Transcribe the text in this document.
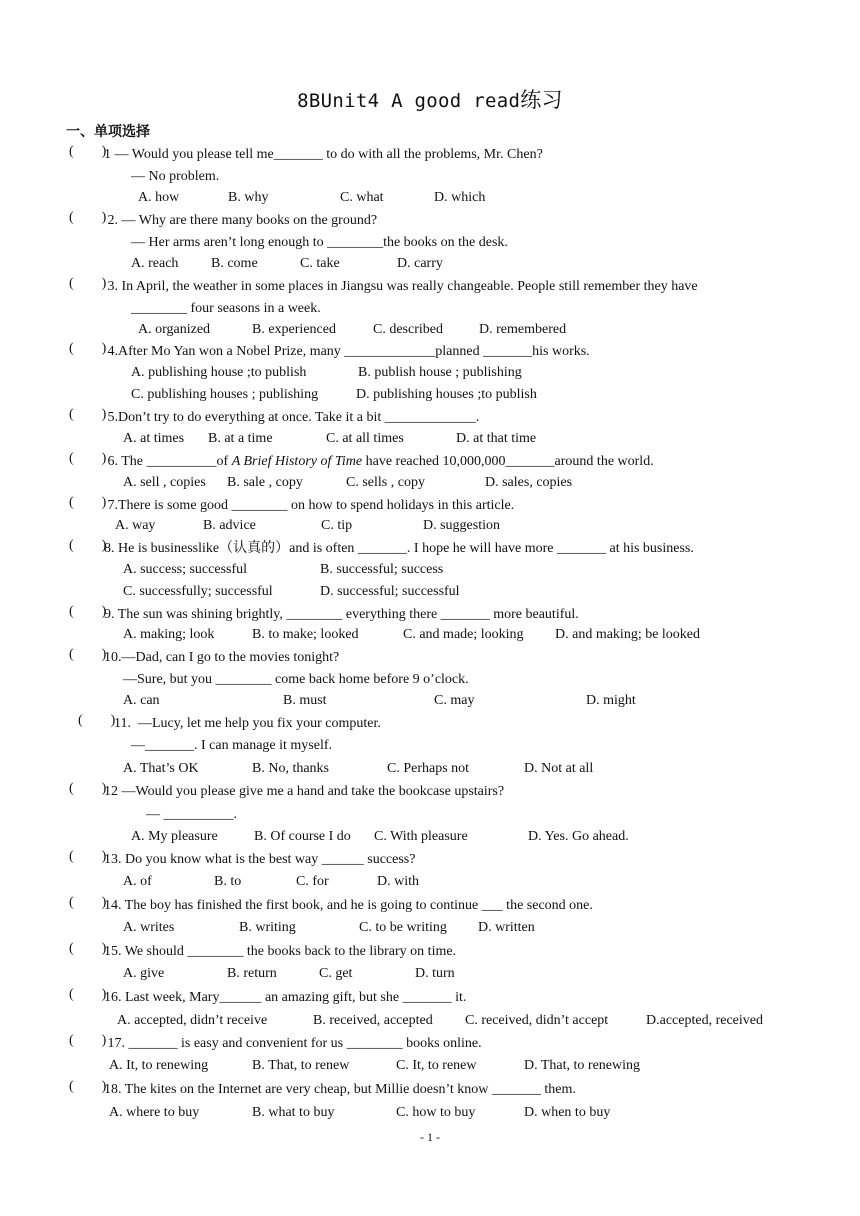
8BUnit4 A good read练习
一、单项选择
(        )
1 — Would you please tell me_______ to do with all the problems, Mr. Chen?
— No problem.
A. how	B. why	C. what	D. which
(        )
2. — Why are there many books on the ground?
— Her arms aren’t long enough to ________the books on the desk.
A. reach B. come	C. take	D. carry
(        )
3. In April, the weather in some places in Jiangsu was really changeable. People still remember they have
________ four seasons in a week.
A. organized	B. experienced	C. described	D. remembered
(        )
4.After Mo Yan won a Nobel Prize, many _____________planned _______his works.
A. publishing house ;to publish	B. publish house ; publishing
C. publishing houses ; publishing	D. publishing houses ;to publish
(        )
5.Don’t try to do everything at once. Take it a bit _____________.
A. at times B. at a time	C. at all times	D. at that time
(        )
6. The __________of A Brief History of Time have reached 10,000,000_______around the world.
A. sell , copies B. sale , copy	C. sells , copy	D. sales, copies
(        )
7.There is some good ________ on how to spend holidays in this article.
A. way	B. advice	C. tip	D. suggestion
(        )
8. He is businesslike（认真的）and is often _______. I hope he will have more _______ at his business.
A. success; successful	B. successful; success
C. successfully; successful	D. successful; successful
(        )
9. The sun was shining brightly, ________ everything there _______ more beautiful.
A. making; look	B. to make; looked	C. and made; looking D. and making; be looked
(        )
10.—Dad, can I go to the movies tonight?
—Sure, but you ________ come back home before 9 o’clock.
A. can	B. must	C. may	D. might
(        )
11.  —Lucy, let me help you fix your computer.
—_______. I can manage it myself.
A. That’s OK	B. No, thanks	C. Perhaps not	D. Not at all
(        )
12 —Would you please give me a hand and take the bookcase upstairs?
— __________.
A. My pleasure	B. Of course I do C. With pleasure	D. Yes. Go ahead.
(        )
13. Do you know what is the best way ______ success?
A. of	B. to	C. for	D. with
(        )
14. The boy has finished the first book, and he is going to continue ___ the second one.
A. writes	B. writing	C. to be writing D. written
(        )
15. We should ________ the books back to the library on time.
A. give	B. return	C. get	D. turn
(        )
16. Last week, Mary______ an amazing gift, but she _______ it.
A. accepted, didn’t receive	B. received, accepted C. received, didn’t accept	D.accepted, received
(        )
17. _______ is easy and convenient for us ________ books online.
A. It, to renewing	B. That, to renew	C. It, to renew	D. That, to renewing
(        )
18. The kites on the Internet are very cheap, but Millie doesn’t know _______ them.
A. where to buy	B. what to buy	C. how to buy	D. when to buy
- 1 -
